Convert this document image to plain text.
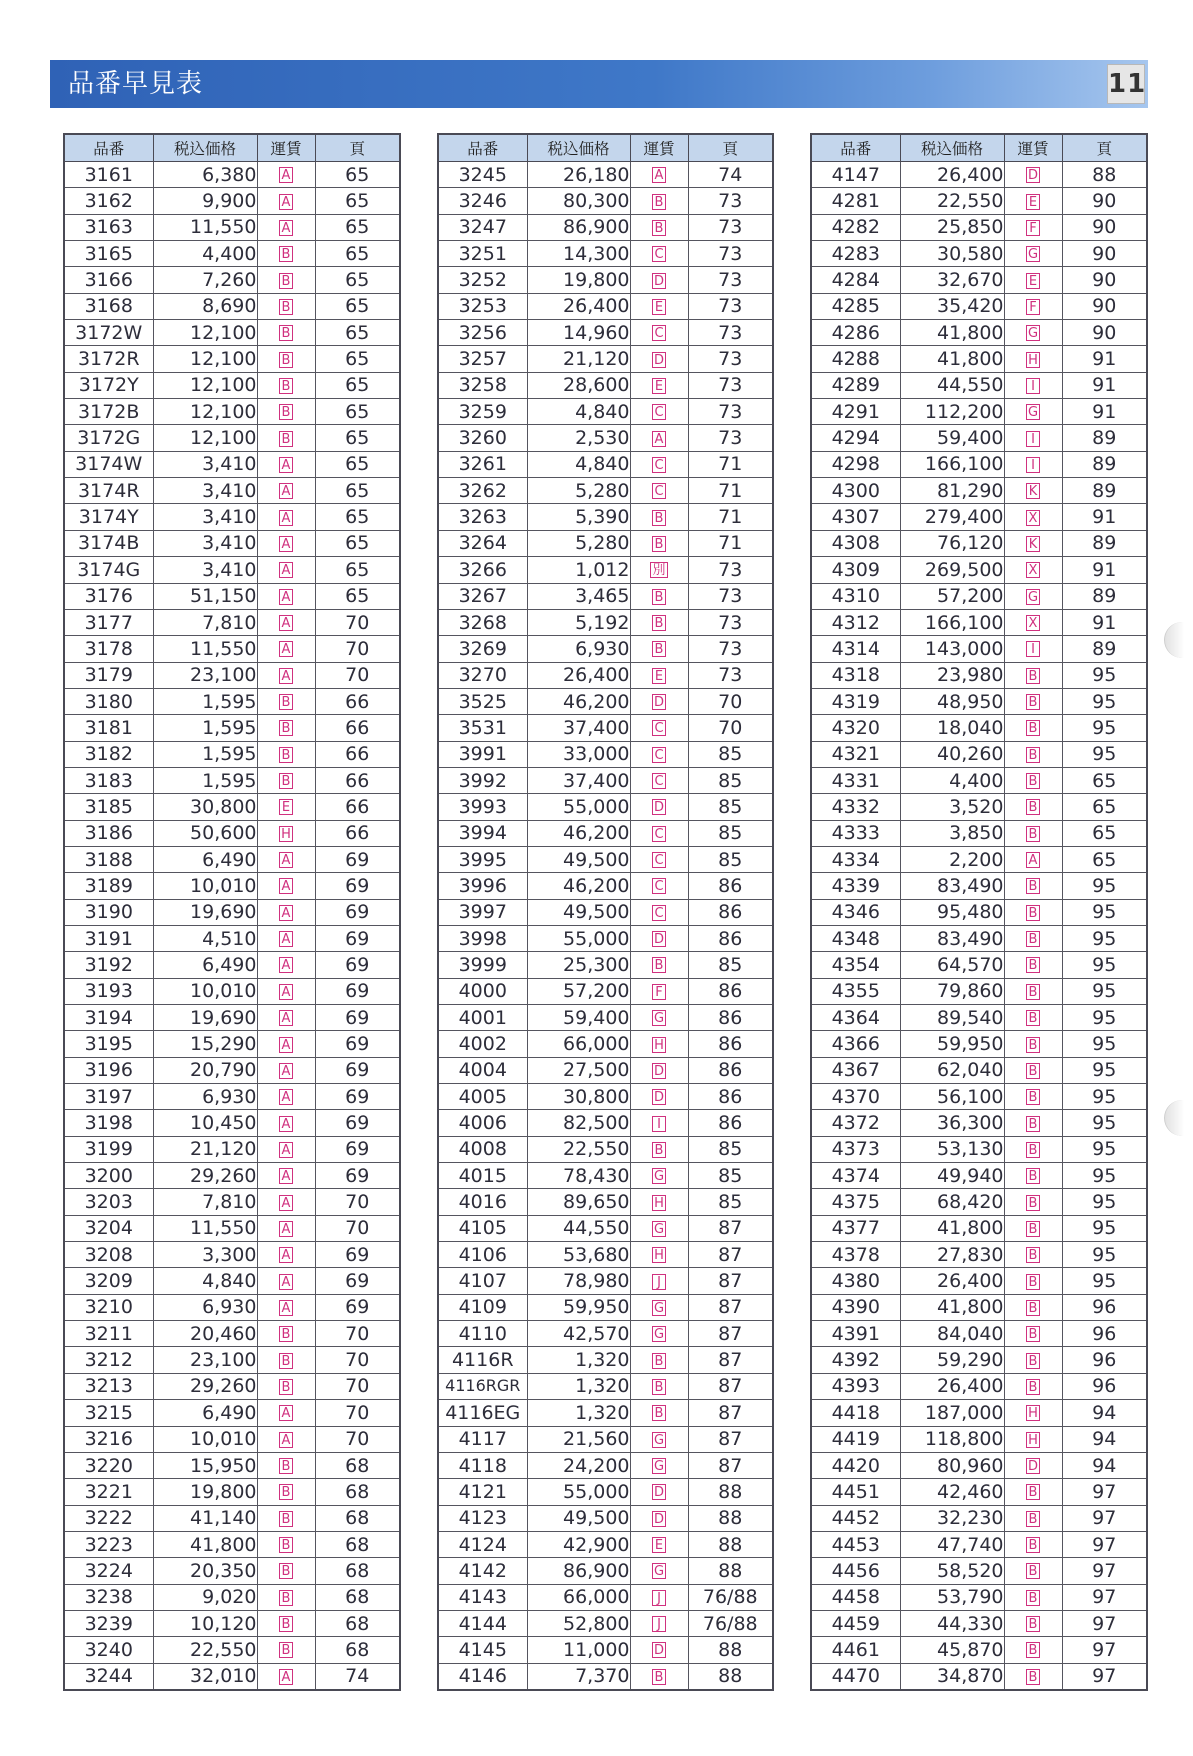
品番早見表	11
品番	税込価格	運賃	頁
3161	6,380	A	65
3162	9,900	A	65
3163	11,550	A	65
3165	4,400	B	65
3166	7,260	B	65
3168	8,690	B	65
3172W	12,100	B	65
3172R	12,100	B	65
3172Y	12,100	B	65
3172B	12,100	B	65
3172G	12,100	B	65
3174W	3,410	A	65
3174R	3,410	A	65
3174Y	3,410	A	65
3174B	3,410	A	65
3174G	3,410	A	65
3176	51,150	A	65
3177	7,810	A	70
3178	11,550	A	70
3179	23,100	A	70
3180	1,595	B	66
3181	1,595	B	66
3182	1,595	B	66
3183	1,595	B	66
3185	30,800	E	66
3186	50,600	H	66
3188	6,490	A	69
3189	10,010	A	69
3190	19,690	A	69
3191	4,510	A	69
3192	6,490	A	69
3193	10,010	A	69
3194	19,690	A	69
3195	15,290	A	69
3196	20,790	A	69
3197	6,930	A	69
3198	10,450	A	69
3199	21,120	A	69
3200	29,260	A	69
3203	7,810	A	70
3204	11,550	A	70
3208	3,300	A	69
3209	4,840	A	69
3210	6,930	A	69
3211	20,460	B	70
3212	23,100	B	70
3213	29,260	B	70
3215	6,490	A	70
3216	10,010	A	70
3220	15,950	B	68
3221	19,800	B	68
3222	41,140	B	68
3223	41,800	B	68
3224	20,350	B	68
3238	9,020	B	68
3239	10,120	B	68
3240	22,550	B	68
3244	32,010	A	74
品番	税込価格	運賃	頁
3245	26,180	A	74
3246	80,300	B	73
3247	86,900	B	73
3251	14,300	C	73
3252	19,800	D	73
3253	26,400	E	73
3256	14,960	C	73
3257	21,120	D	73
3258	28,600	E	73
3259	4,840	C	73
3260	2,530	A	73
3261	4,840	C	71
3262	5,280	C	71
3263	5,390	B	71
3264	5,280	B	71
3266	1,012	別	73
3267	3,465	B	73
3268	5,192	B	73
3269	6,930	B	73
3270	26,400	E	73
3525	46,200	D	70
3531	37,400	C	70
3991	33,000	C	85
3992	37,400	C	85
3993	55,000	D	85
3994	46,200	C	85
3995	49,500	C	85
3996	46,200	C	86
3997	49,500	C	86
3998	55,000	D	86
3999	25,300	B	85
4000	57,200	F	86
4001	59,400	G	86
4002	66,000	H	86
4004	27,500	D	86
4005	30,800	D	86
4006	82,500	I	86
4008	22,550	B	85
4015	78,430	G	85
4016	89,650	H	85
4105	44,550	G	87
4106	53,680	H	87
4107	78,980	J	87
4109	59,950	G	87
4110	42,570	G	87
4116R	1,320	B	87
4116RGR	1,320	B	87
4116EG	1,320	B	87
4117	21,560	G	87
4118	24,200	G	87
4121	55,000	D	88
4123	49,500	D	88
4124	42,900	E	88
4142	86,900	G	88
4143	66,000	J	76/88
4144	52,800	J	76/88
4145	11,000	D	88
4146	7,370	B	88
品番	税込価格	運賃	頁
4147	26,400	D	88
4281	22,550	E	90
4282	25,850	F	90
4283	30,580	G	90
4284	32,670	E	90
4285	35,420	F	90
4286	41,800	G	90
4288	41,800	H	91
4289	44,550	I	91
4291	112,200	G	91
4294	59,400	I	89
4298	166,100	I	89
4300	81,290	K	89
4307	279,400	X	91
4308	76,120	K	89
4309	269,500	X	91
4310	57,200	G	89
4312	166,100	X	91
4314	143,000	I	89
4318	23,980	B	95
4319	48,950	B	95
4320	18,040	B	95
4321	40,260	B	95
4331	4,400	B	65
4332	3,520	B	65
4333	3,850	B	65
4334	2,200	A	65
4339	83,490	B	95
4346	95,480	B	95
4348	83,490	B	95
4354	64,570	B	95
4355	79,860	B	95
4364	89,540	B	95
4366	59,950	B	95
4367	62,040	B	95
4370	56,100	B	95
4372	36,300	B	95
4373	53,130	B	95
4374	49,940	B	95
4375	68,420	B	95
4377	41,800	B	95
4378	27,830	B	95
4380	26,400	B	95
4390	41,800	B	96
4391	84,040	B	96
4392	59,290	B	96
4393	26,400	B	96
4418	187,000	H	94
4419	118,800	H	94
4420	80,960	D	94
4451	42,460	B	97
4452	32,230	B	97
4453	47,740	B	97
4456	58,520	B	97
4458	53,790	B	97
4459	44,330	B	97
4461	45,870	B	97
4470	34,870	B	97
